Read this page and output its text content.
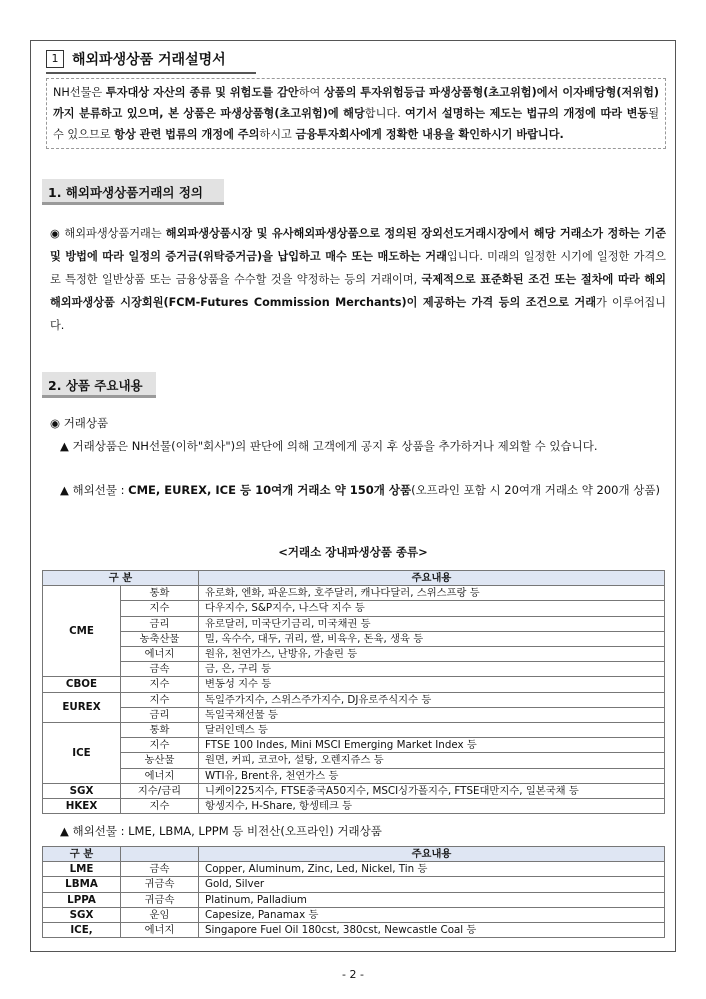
1 해외파생상품 거래설명서
NH선물은 투자대상 자산의 종류 및 위험도를 감안하여 상품의 투자위험등급 파생상품형(초고위험)에서 이자배당형(저위험)까지 분류하고 있으며, 본 상품은 파생상품형(초고위험)에 해당합니다. 여기서 설명하는 제도는 법규의 개정에 따라 변동될 수 있으므로 항상 관련 법류의 개정에 주의하시고 금융투자회사에게 정확한 내용을 확인하시기 바랍니다.
1. 해외파생상품거래의 정의
◉ 해외파생상품거래는 해외파생상품시장 및 유사해외파생상품으로 정의된 장외선도거래시장에서 해당 거래소가 정하는 기준 및 방법에 따라 일정의 증거금(위탁증거금)을 납입하고 매수 또는 매도하는 거래입니다. 미래의 일정한 시기에 일정한 가격으로 특정한 일반상품 또는 금융상품을 수수할 것을 약정하는 등의 거래이며, 국제적으로 표준화된 조건 또는 절차에 따라 해외 해외파생상품 시장회원(FCM-Futures Commission Merchants)이 제공하는 가격 등의 조건으로 거래가 이루어집니다.
2. 상품 주요내용
◉ 거래상품
▲ 거래상품은 NH선물(이하"회사")의 판단에 의해 고객에게 공지 후 상품을 추가하거나 제외할 수 있습니다.
▲ 해외선물 : CME, EUREX, ICE 등 10여개 거래소 약 150개 상품(오프라인 포함 시 20여개 거래소 약 200개 상품)
<거래소 장내파생상품 종류>
구 분		주요내용
CME	통화	유로화, 엔화, 파운드화, 호주달러, 캐나다달러, 스위스프랑 등
	지수	다우지수, S&P지수, 나스닥 지수 등
	금리	유로달러, 미국단기금리, 미국채권 등
	농축산물	밀, 옥수수, 대두, 귀리, 쌀, 비육우, 돈육, 생육 등
	에너지	원유, 천연가스, 난방유, 가솔린 등
	금속	금, 은, 구리 등
CBOE	지수	변동성 지수 등
EUREX	지수	독일주가지수, 스위스주가지수, DJ유로주식지수 등
	금리	독일국채선물 등
ICE	통화	달러인덱스 등
	지수	FTSE 100 Indes, Mini MSCI Emerging Market Index 등
	농산물	원면, 커피, 코코아, 설탕, 오렌지쥬스 등
	에너지	WTI유, Brent유, 천연가스 등
SGX	지수/금리	니케이225지수, FTSE중국A50지수, MSCI싱가폴지수, FTSE대만지수, 일본국채 등
HKEX	지수	항셍지수, H-Share, 항셍테크 등
▲ 해외선물 : LME, LBMA, LPPM 등 비전산(오프라인) 거래상품
구 분		주요내용
LME	금속	Copper, Aluminum, Zinc, Led, Nickel, Tin 등
LBMA	귀금속	Gold, Silver
LPPA	귀금속	Platinum, Palladium
SGX	운임	Capesize, Panamax 등
ICE,	에너지	Singapore Fuel Oil 180cst, 380cst, Newcastle Coal 등
- 2 -
